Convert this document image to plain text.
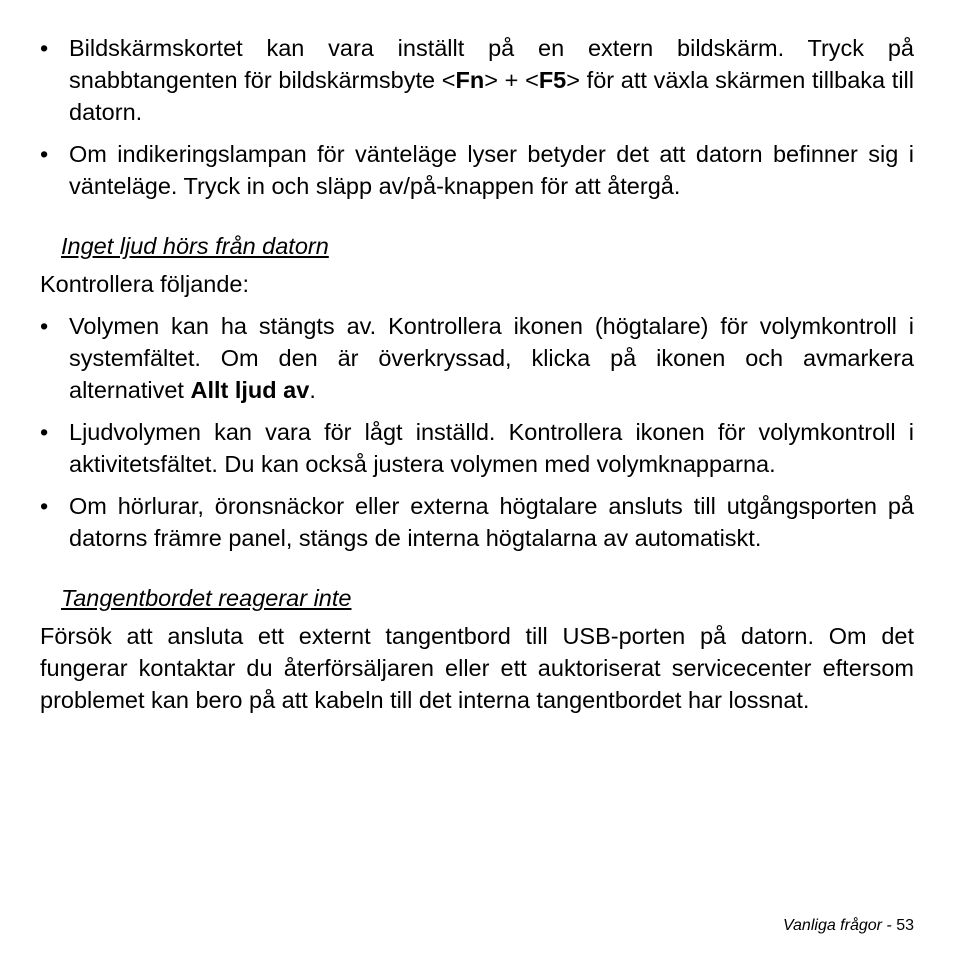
• Bildskärmskortet kan vara inställt på en extern bildskärm. Tryck på snabbtangenten för bildskärmsbyte <Fn> + <F5> för att växla skärmen tillbaka till datorn.
• Om indikeringslampan för vänteläge lyser betyder det att datorn befinner sig i vänteläge. Tryck in och släpp av/på-knappen för att återgå.
Inget ljud hörs från datorn

Kontrollera följande:

• Volymen kan ha stängts av. Kontrollera ikonen (högtalare) för volymkontroll i systemfältet. Om den är överkryssad, klicka på ikonen och avmarkera alternativet Allt ljud av.
• Ljudvolymen kan vara för lågt inställd. Kontrollera ikonen för volymkontroll i aktivitetsfältet. Du kan också justera volymen med volymknapparna.
• Om hörlurar, öronsnäckor eller externa högtalare ansluts till utgångsporten på datorns främre panel, stängs de interna högtalarna av automatiskt.
Tangentbordet reagerar inte

Försök att ansluta ett externt tangentbord till USB-porten på datorn. Om det fungerar kontaktar du återförsäljaren eller ett auktoriserat servicecenter eftersom problemet kan bero på att kabeln till det interna tangentbordet har lossnat.

Vanliga frågor - 53
